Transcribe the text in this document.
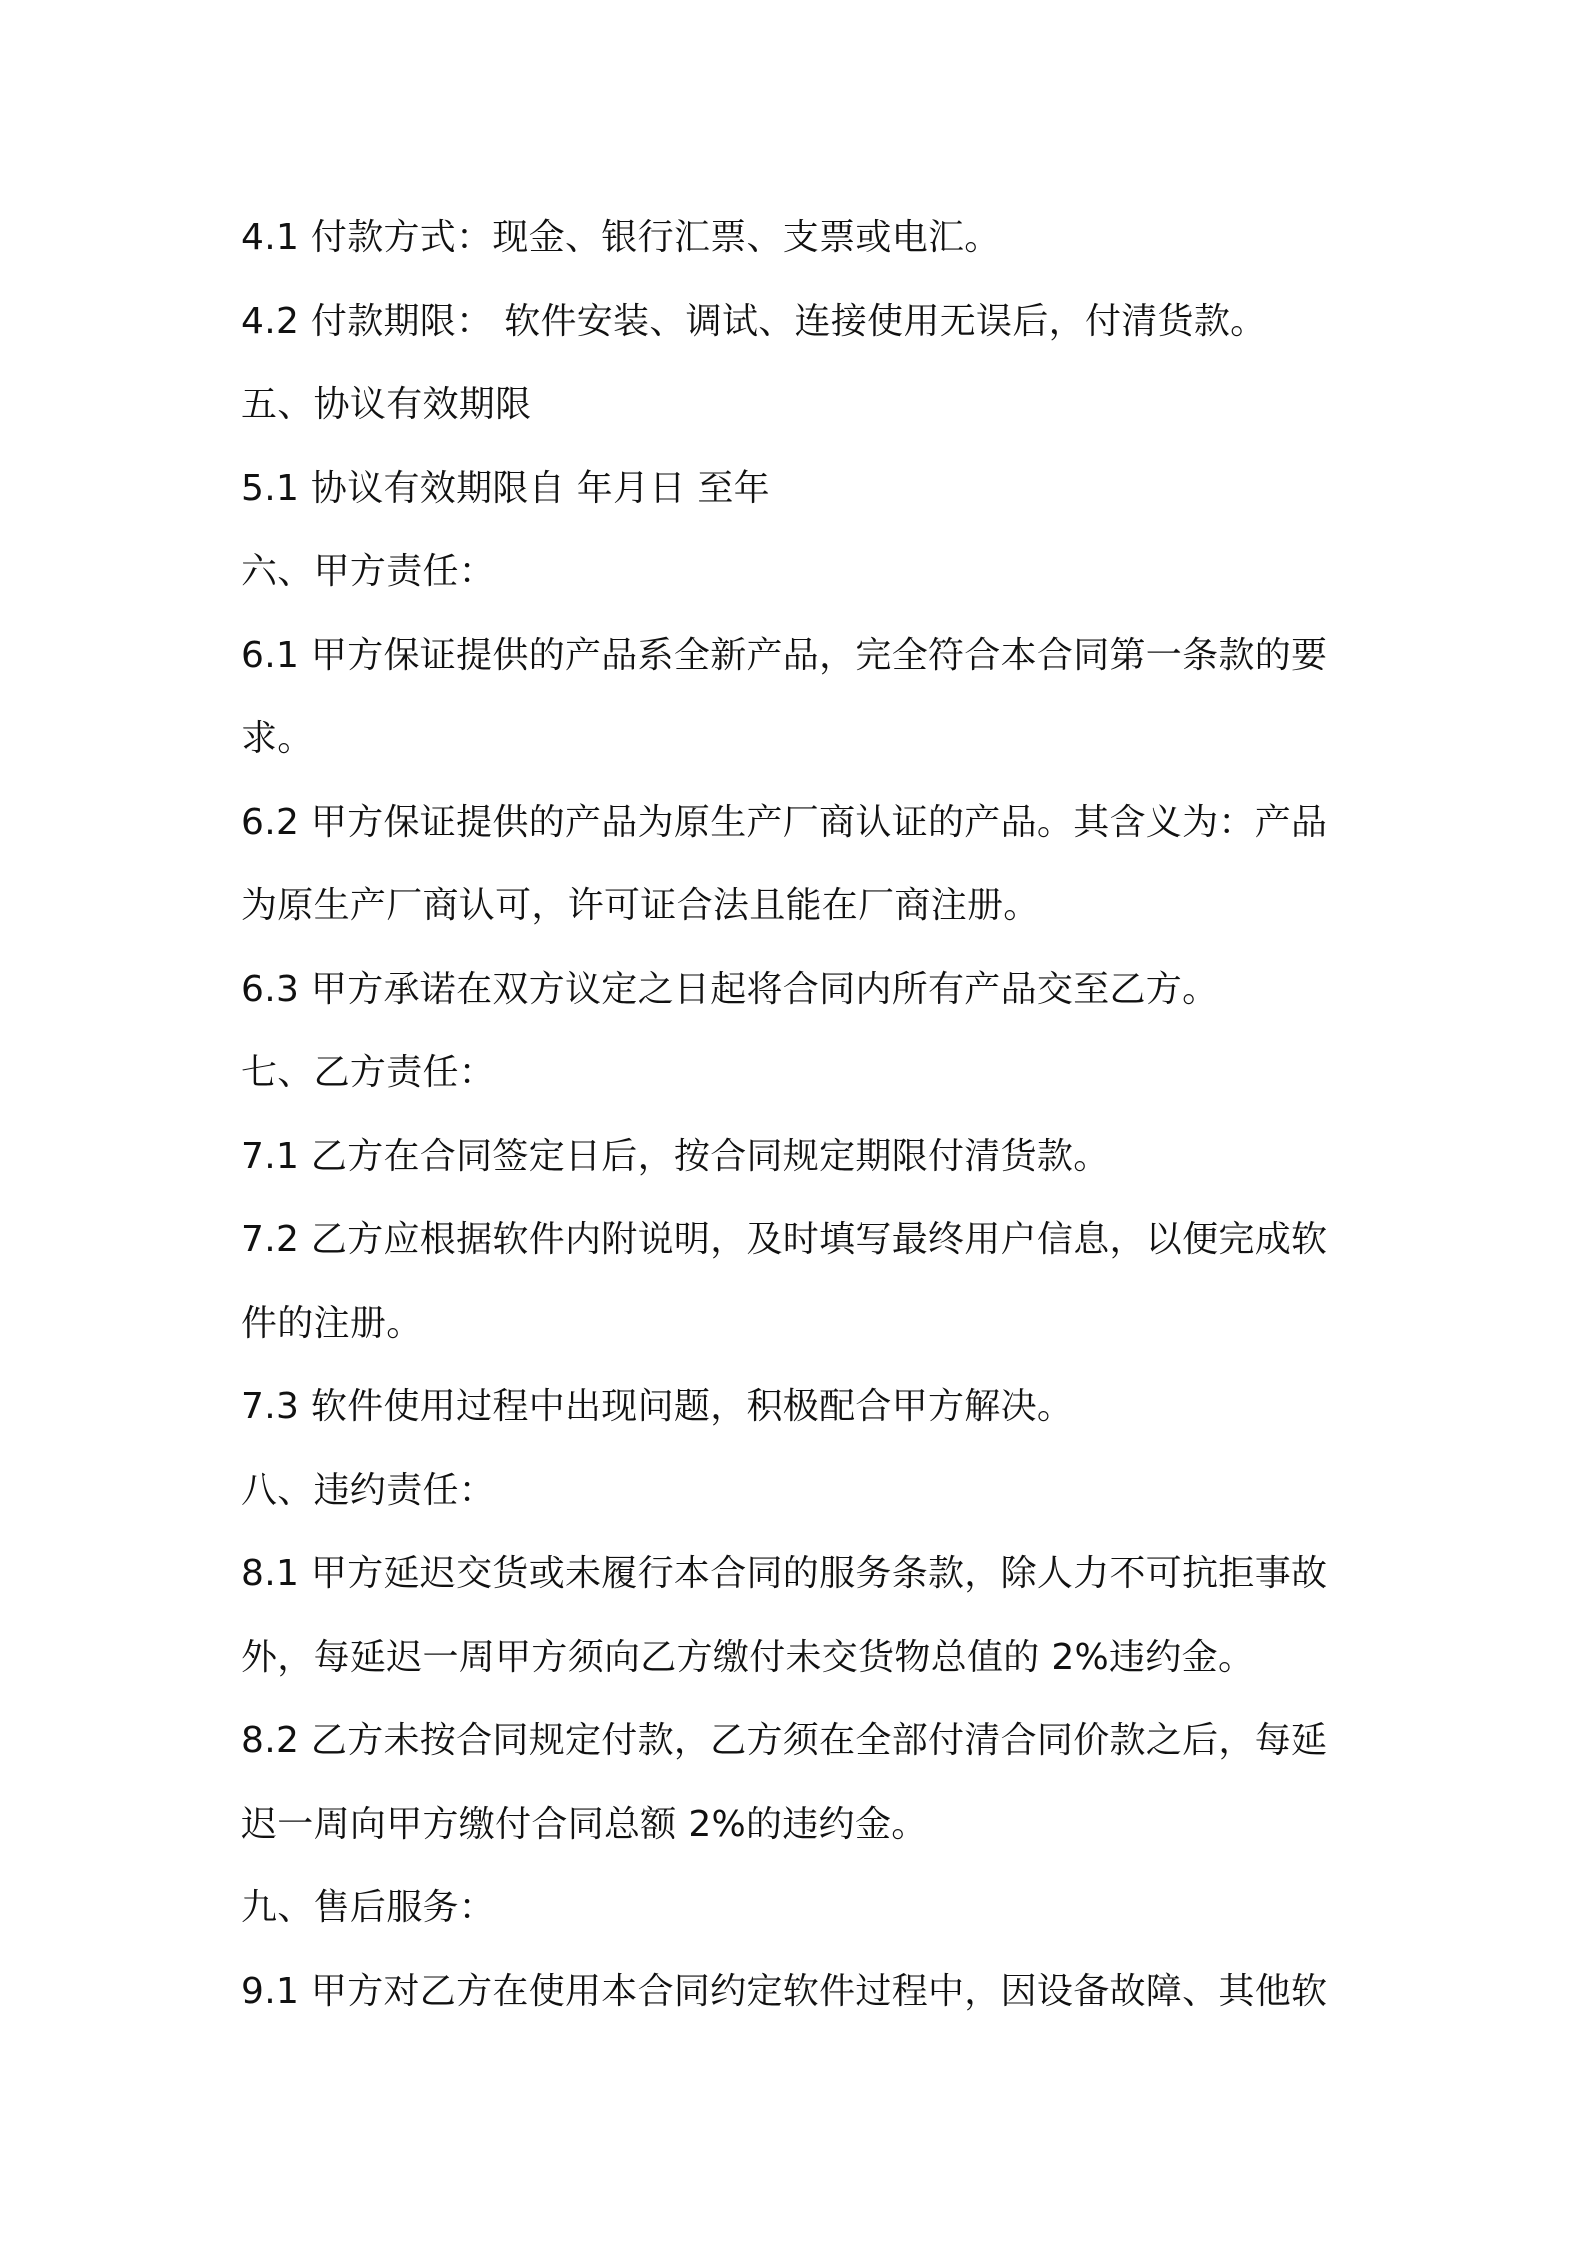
4.1 付款方式：现金、银行汇票、支票或电汇。
4.2 付款期限： 软件安装、调试、连接使用无误后，付清货款。
五、协议有效期限
5.1 协议有效期限自 年月日 至年
六、甲方责任：
6.1 甲方保证提供的产品系全新产品，完全符合本合同第一条款的要
求。
6.2 甲方保证提供的产品为原生产厂商认证的产品。其含义为：产品
为原生产厂商认可，许可证合法且能在厂商注册。
6.3 甲方承诺在双方议定之日起将合同内所有产品交至乙方。
七、乙方责任：
7.1 乙方在合同签定日后，按合同规定期限付清货款。
7.2 乙方应根据软件内附说明，及时填写最终用户信息，以便完成软
件的注册。
7.3 软件使用过程中出现问题，积极配合甲方解决。
八、违约责任：
8.1 甲方延迟交货或未履行本合同的服务条款，除人力不可抗拒事故
外，每延迟一周甲方须向乙方缴付未交货物总值的 2%违约金。
8.2 乙方未按合同规定付款，乙方须在全部付清合同价款之后，每延
迟一周向甲方缴付合同总额 2%的违约金。
九、售后服务：
9.1 甲方对乙方在使用本合同约定软件过程中，因设备故障、其他软
